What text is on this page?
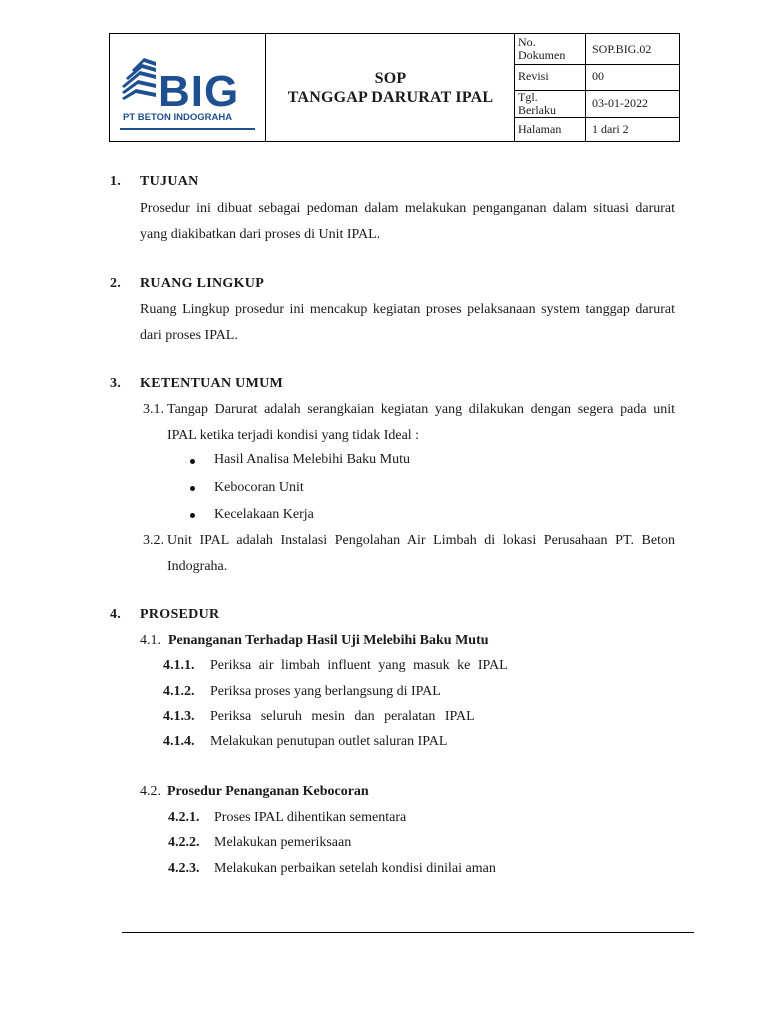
BIG
PT BETON INDOGRAHA
SOP
TANGGAP DARURAT IPAL
No. Dokumen	SOP.BIG.02
Revisi	00
Tgl. Berlaku	03-01-2022
Halaman	1 dari 2
1. TUJUAN
Prosedur ini dibuat sebagai pedoman dalam melakukan penganganan dalam situasi darurat yang diakibatkan dari proses di Unit IPAL.
2. RUANG LINGKUP
Ruang Lingkup prosedur ini mencakup kegiatan proses pelaksanaan system tanggap darurat dari proses IPAL.
3. KETENTUAN UMUM
3.1. Tangap Darurat adalah serangkaian kegiatan yang dilakukan dengan segera pada unit IPAL ketika terjadi kondisi yang tidak Ideal :
Hasil Analisa Melebihi Baku Mutu
Kebocoran Unit
Kecelakaan Kerja
3.2. Unit IPAL adalah Instalasi Pengolahan Air Limbah di lokasi Perusahaan PT. Beton Indograha.
4. PROSEDUR
4.1. Penanganan Terhadap Hasil Uji Melebihi Baku Mutu
4.1.1. Periksa air limbah influent yang masuk ke IPAL
4.1.2. Periksa proses yang berlangsung di IPAL
4.1.3. Periksa seluruh mesin dan peralatan IPAL
4.1.4. Melakukan penutupan outlet saluran IPAL
4.2. Prosedur Penanganan Kebocoran
4.2.1. Proses IPAL dihentikan sementara
4.2.2. Melakukan pemeriksaan
4.2.3. Melakukan perbaikan setelah kondisi dinilai aman
